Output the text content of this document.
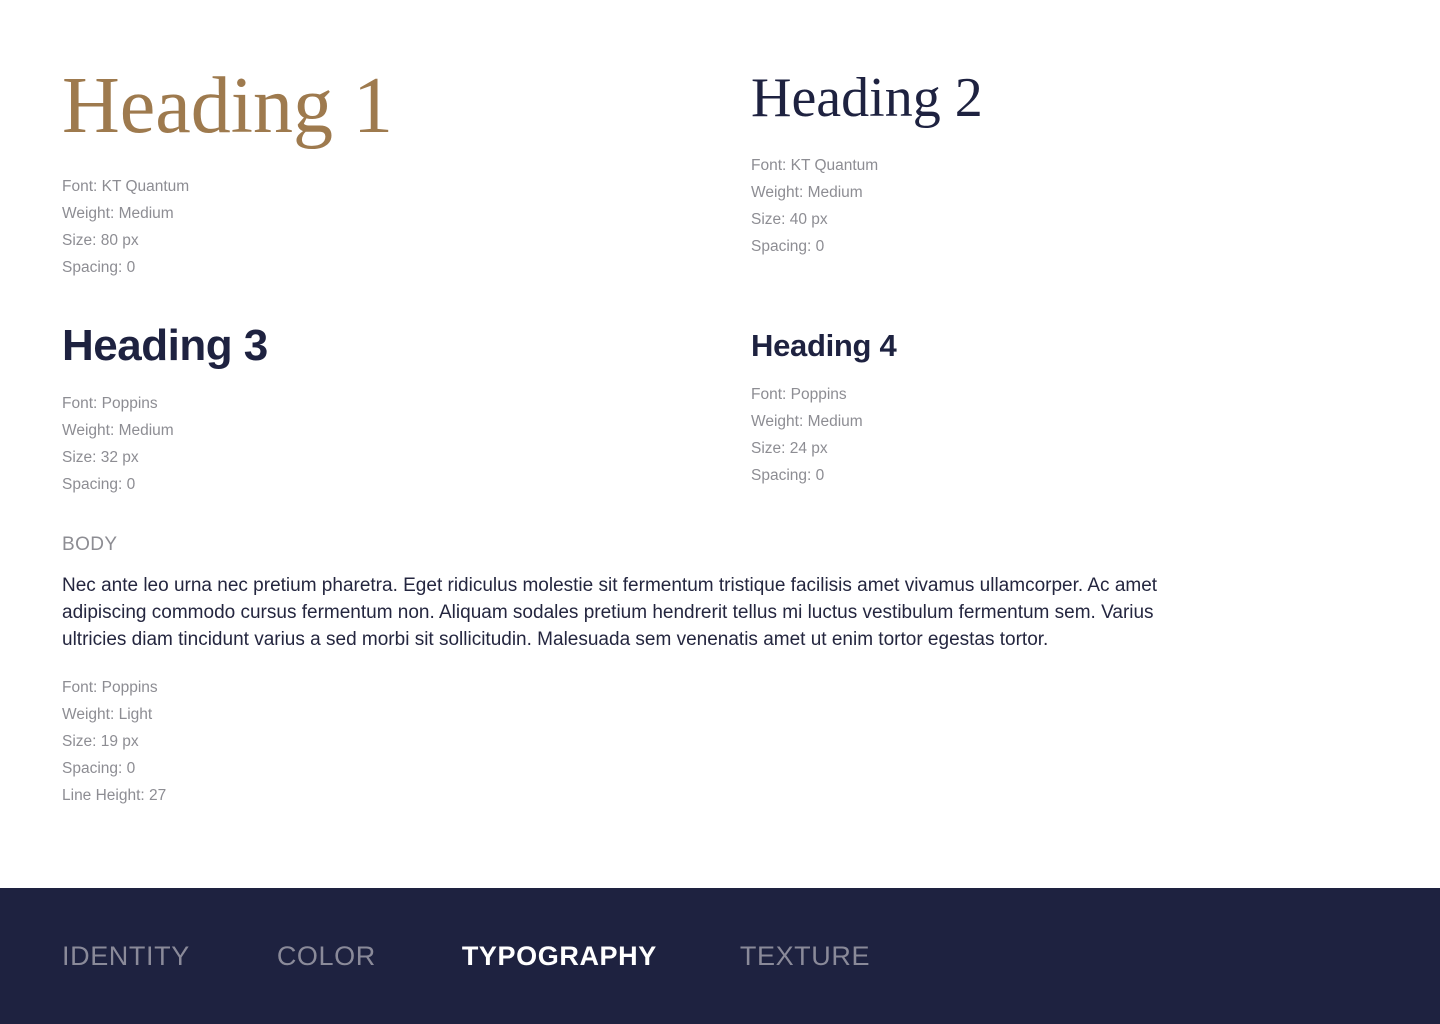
Heading 1
Font: KT Quantum
Weight: Medium
Size: 80 px
Spacing: 0
Heading 3
Font: Poppins
Weight: Medium
Size: 32 px
Spacing: 0
BODY
Nec ante leo urna nec pretium pharetra. Eget ridiculus molestie sit fermentum tristique facilisis amet vivamus ullamcorper. Ac amet adipiscing commodo cursus fermentum non. Aliquam sodales pretium hendrerit tellus mi luctus vestibulum fermentum sem. Varius ultricies diam tincidunt varius a sed morbi sit sollicitudin. Malesuada sem venenatis amet ut enim tortor egestas tortor.
Font: Poppins
Weight: Light
Size: 19 px
Spacing: 0
Line Height: 27
Heading 2
Font: KT Quantum
Weight: Medium
Size: 40 px
Spacing: 0
Heading 4
Font: Poppins
Weight: Medium
Size: 24 px
Spacing: 0
IDENTITY	COLOR	TYPOGRAPHY	TEXTURE
